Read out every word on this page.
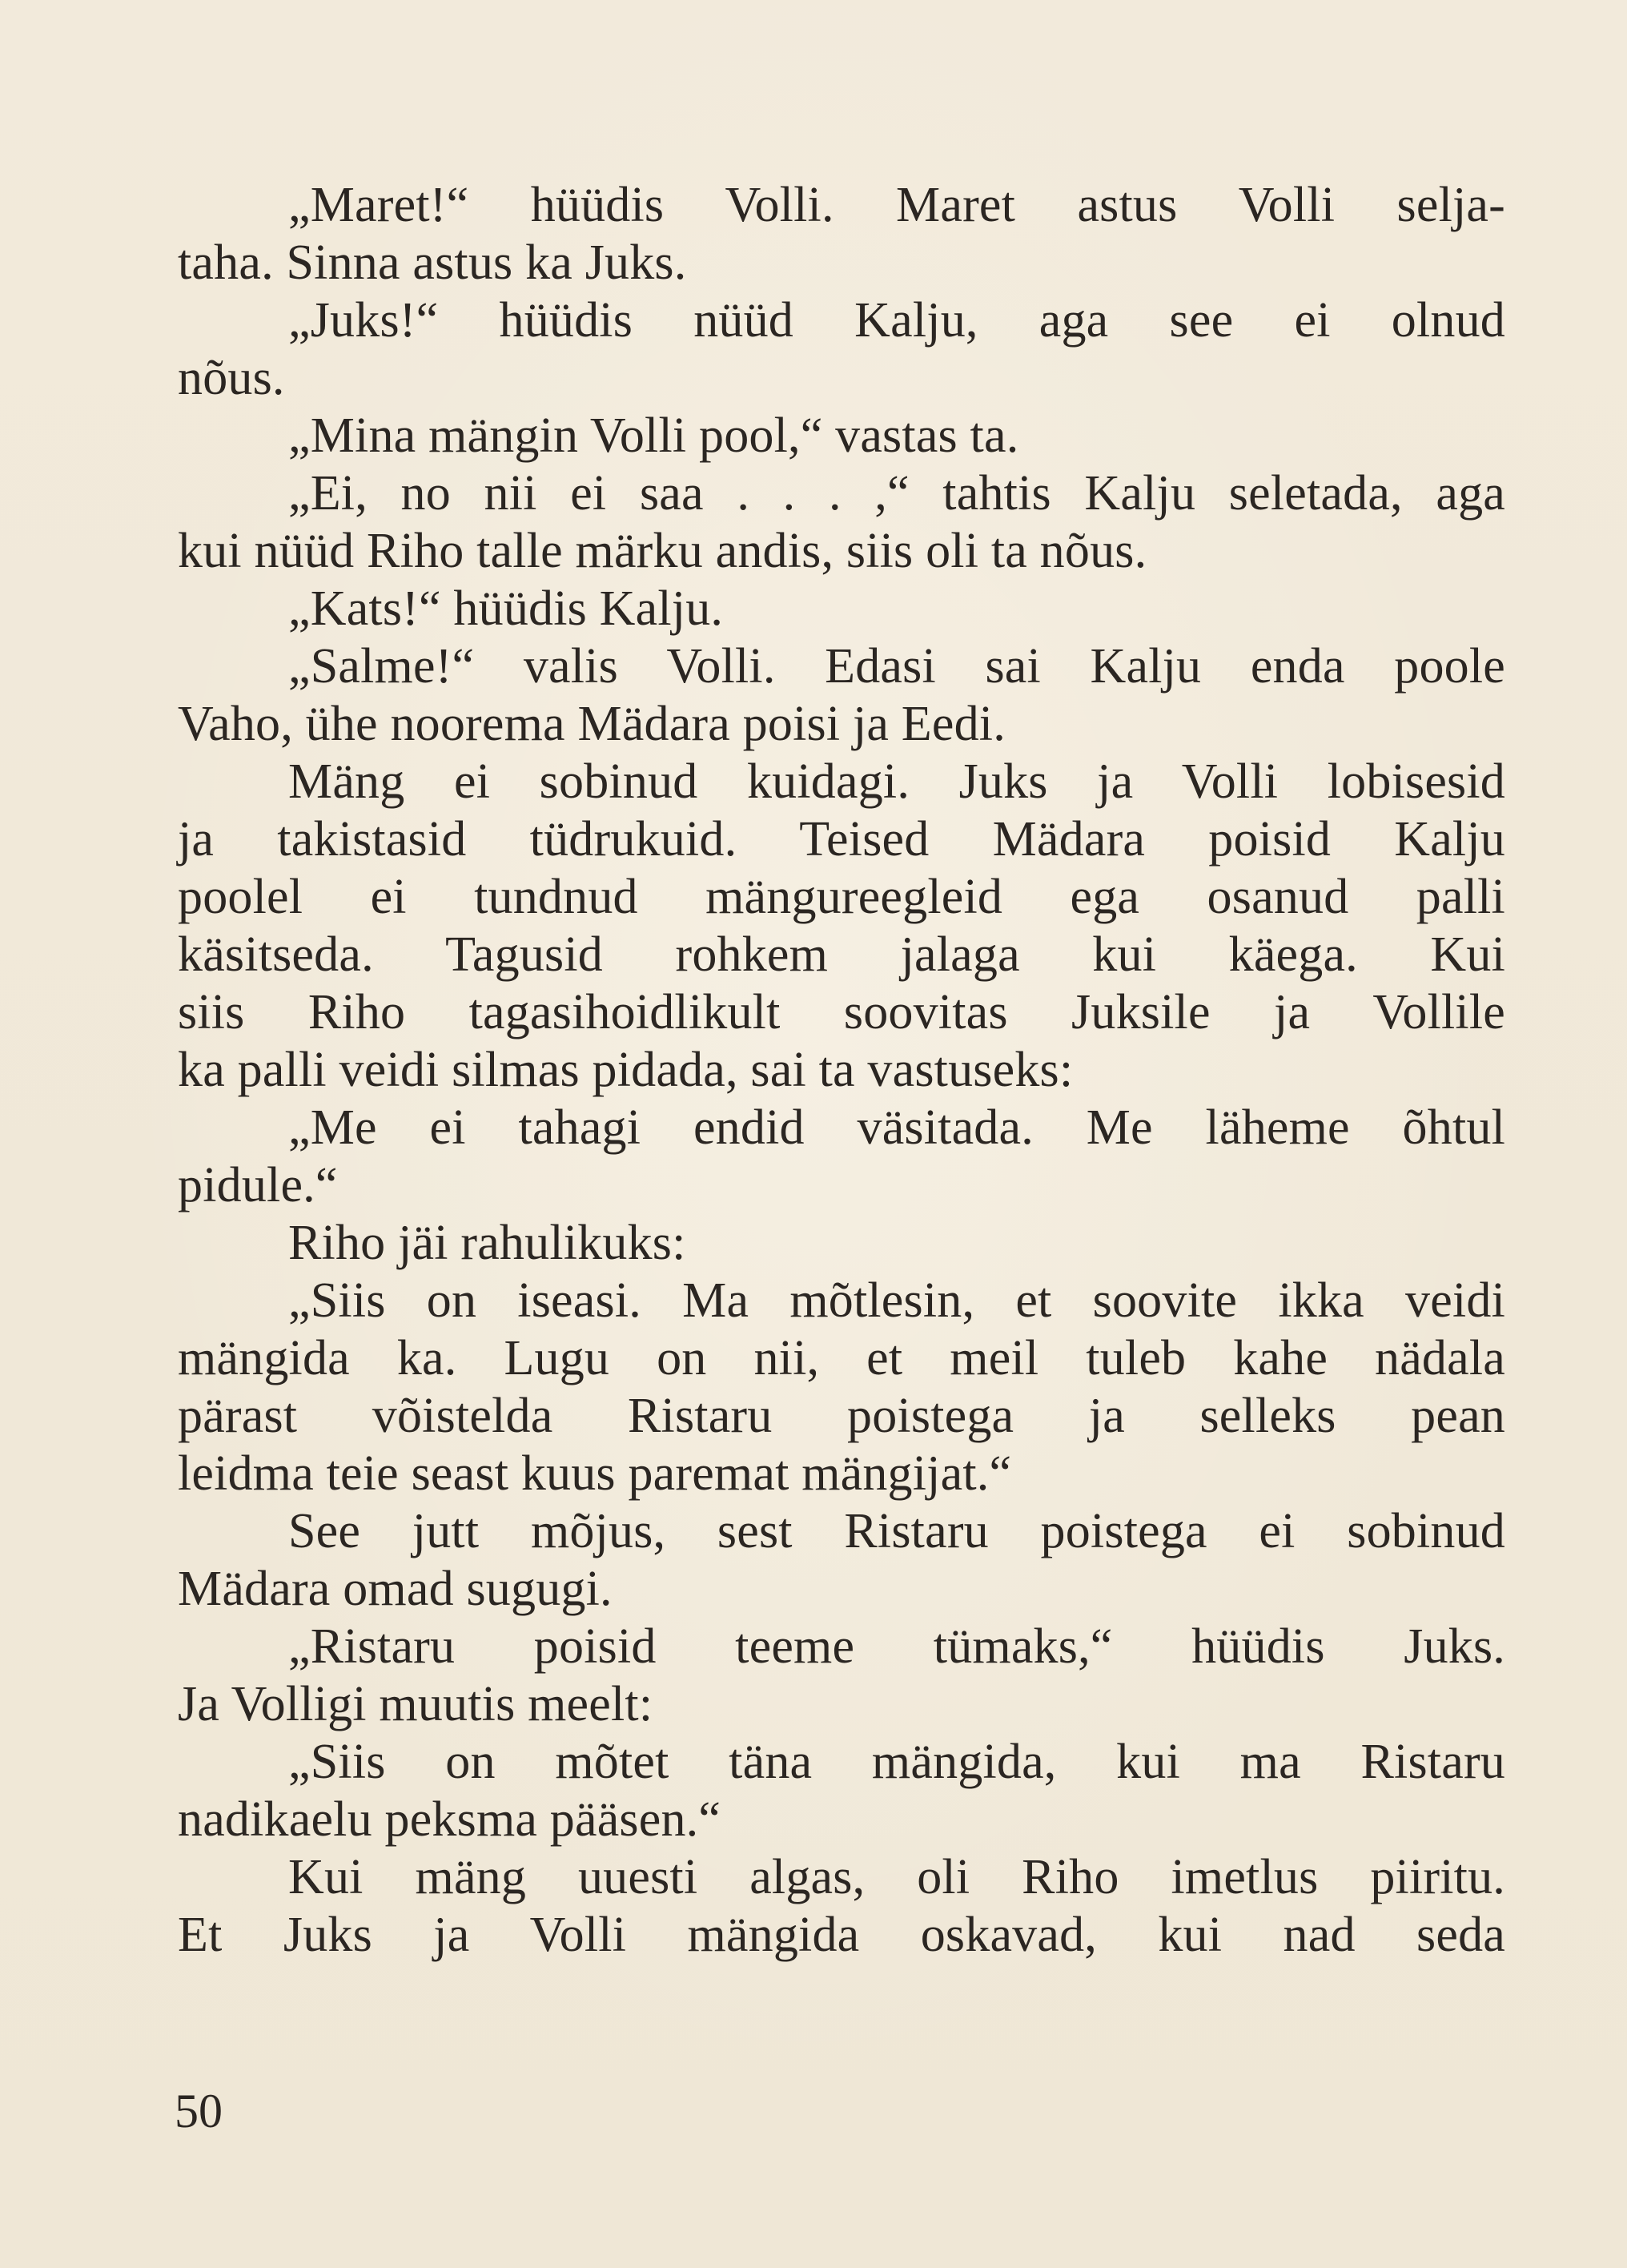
„Maret!“ hüüdis Volli. Maret astus Volli selja-
taha. Sinna astus ka Juks.
„Juks!“ hüüdis nüüd Kalju, aga see ei olnud
nõus.
„Mina mängin Volli pool,“ vastas ta.
„Ei, no nii ei saa . . . ,“ tahtis Kalju seletada, aga
kui nüüd Riho talle märku andis, siis oli ta nõus.
„Kats!“ hüüdis Kalju.
„Salme!“ valis Volli. Edasi sai Kalju enda poole
Vaho, ühe noorema Mädara poisi ja Eedi.
Mäng ei sobinud kuidagi. Juks ja Volli lobisesid
ja takistasid tüdrukuid. Teised Mädara poisid Kalju
poolel ei tundnud mängureegleid ega osanud palli
käsitseda. Tagusid rohkem jalaga kui käega. Kui
siis Riho tagasihoidlikult soovitas Juksile ja Vollile
ka palli veidi silmas pidada, sai ta vastuseks:
„Me ei tahagi endid väsitada. Me läheme õhtul
pidule.“
Riho jäi rahulikuks:
„Siis on iseasi. Ma mõtlesin, et soovite ikka veidi
mängida ka. Lugu on nii, et meil tuleb kahe nädala
pärast võistelda Ristaru poistega ja selleks pean
leidma teie seast kuus paremat mängijat.“
See jutt mõjus, sest Ristaru poistega ei sobinud
Mädara omad sugugi.
„Ristaru poisid teeme tümaks,“ hüüdis Juks.
Ja Volligi muutis meelt:
„Siis on mõtet täna mängida, kui ma Ristaru
nadikaelu peksma pääsen.“
Kui mäng uuesti algas, oli Riho imetlus piiritu.
Et Juks ja Volli mängida oskavad, kui nad seda
50
